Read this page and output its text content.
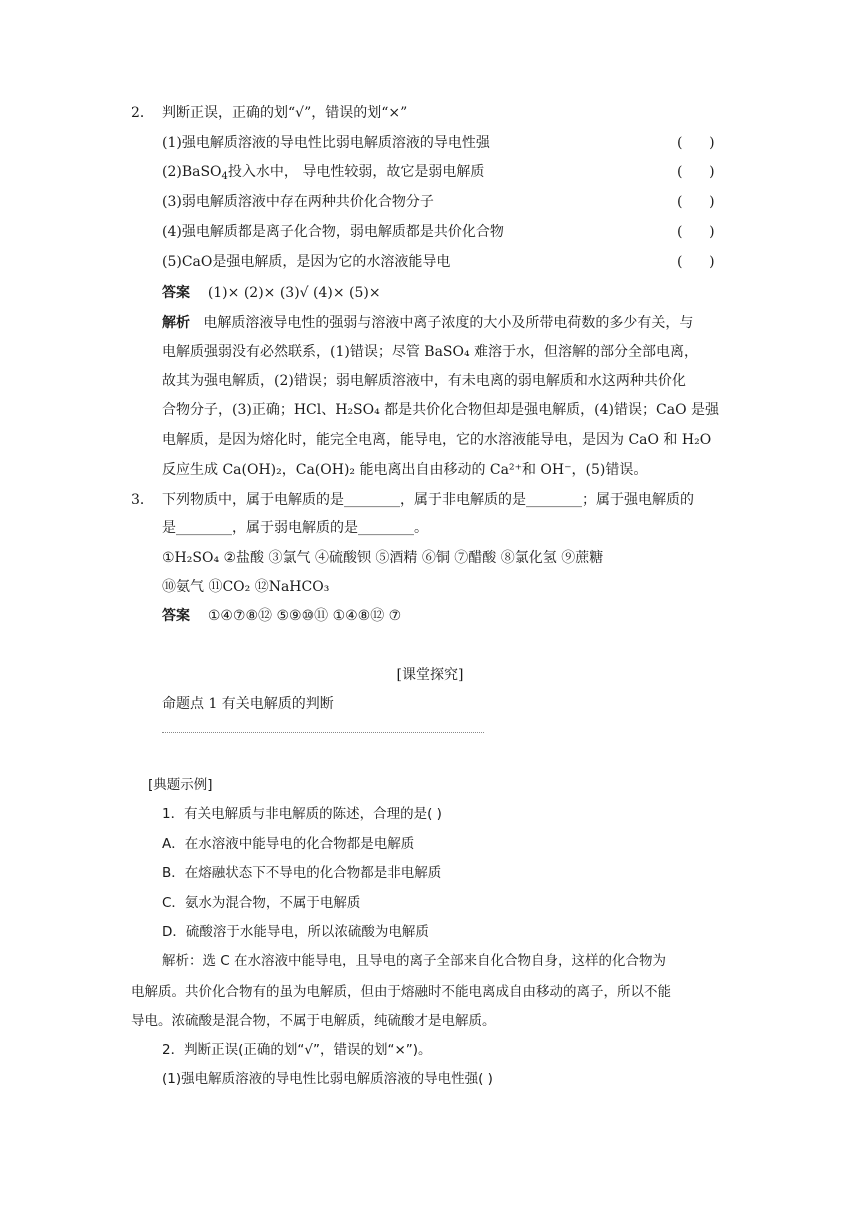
2． 判断正误，正确的划“√”，错误的划“×”
(1)强电解质溶液的导电性比弱电解质溶液的导电性强	(      )
(2)BaSO$_4$投入水中， 导电性较弱，故它是弱电解质	(      )
(3)弱电解质溶液中存在两种共价化合物分子	(      )
(4)强电解质都是离子化合物，弱电解质都是共价化合物	(      )
(5)CaO是强电解质，是因为它的水溶液能导电	(      )
答案 (1)× (2)× (3)√ (4)× (5)×
解析 电解质溶液导电性的强弱与溶液中离子浓度的大小及所带电荷数的多少有关，与
电解质强弱没有必然联系，(1)错误；尽管 BaSO₄ 难溶于水，但溶解的部分全部电离，
故其为强电解质，(2)错误；弱电解质溶液中，有未电离的弱电解质和水这两种共价化
合物分子，(3)正确；HCl、H₂SO₄ 都是共价化合物但却是强电解质，(4)错误；CaO 是强
电解质，是因为熔化时，能完全电离，能导电，它的水溶液能导电，是因为 CaO 和 H₂O
反应生成 Ca(OH)₂，Ca(OH)₂ 能电离出自由移动的 Ca²⁺和 OH⁻，(5)错误。
3． 下列物质中，属于电解质的是________，属于非电解质的是________；属于强电解质的
是________，属于弱电解质的是________。
①H₂SO₄ ②盐酸 ③氯气 ④硫酸钡 ⑤酒精 ⑥铜 ⑦醋酸 ⑧氯化氢 ⑨蔗糖
⑩氨气 ⑪CO₂ ⑫NaHCO₃
答案 ①④⑦⑧⑫ ⑤⑨⑩⑪ ①④⑧⑫ ⑦
[课堂探究]
命题点 1 有关电解质的判断
[典题示例]
1．有关电解质与非电解质的陈述，合理的是( )
A．在水溶液中能导电的化合物都是电解质
B．在熔融状态下不导电的化合物都是非电解质
C．氨水为混合物，不属于电解质
D．硫酸溶于水能导电，所以浓硫酸为电解质
解析：选 C 在水溶液中能导电，且导电的离子全部来自化合物自身，这样的化合物为
电解质。共价化合物有的虽为电解质，但由于熔融时不能电离成自由移动的离子，所以不能
导电。浓硫酸是混合物，不属于电解质，纯硫酸才是电解质。
2．判断正误(正确的划“√”，错误的划“×”)。
(1)强电解质溶液的导电性比弱电解质溶液的导电性强( )
